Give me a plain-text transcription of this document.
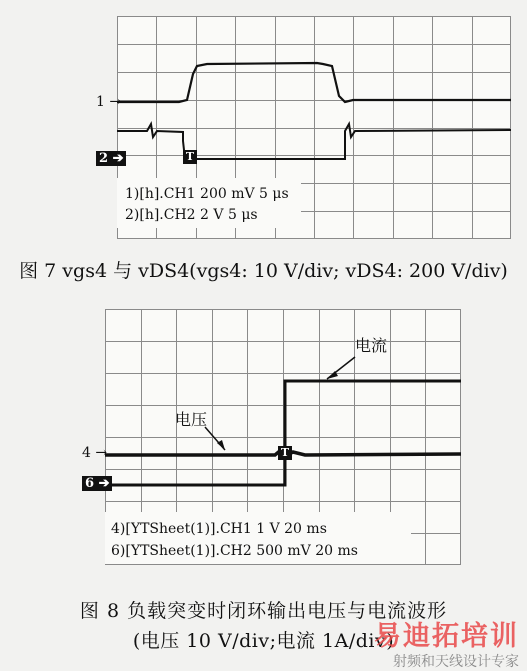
1)[h].CH1 200 mV 5 μs
2)[h].CH2 2 V 5 μs
1 →
2 ➔	T
图 7 vgs4 与 vDS4(vgs4: 10 V/div; vDS4: 200 V/div)
电流
电压
4)[YTSheet(1)].CH1 1 V 20 ms
6)[YTSheet(1)].CH2 500 mV 20 ms
4 →
6 ➔
T
图 8 负载突变时闭环输出电压与电流波形
(电压 10 V/div;电流 1A/div)
易迪拓培训
射频和天线设计专家
